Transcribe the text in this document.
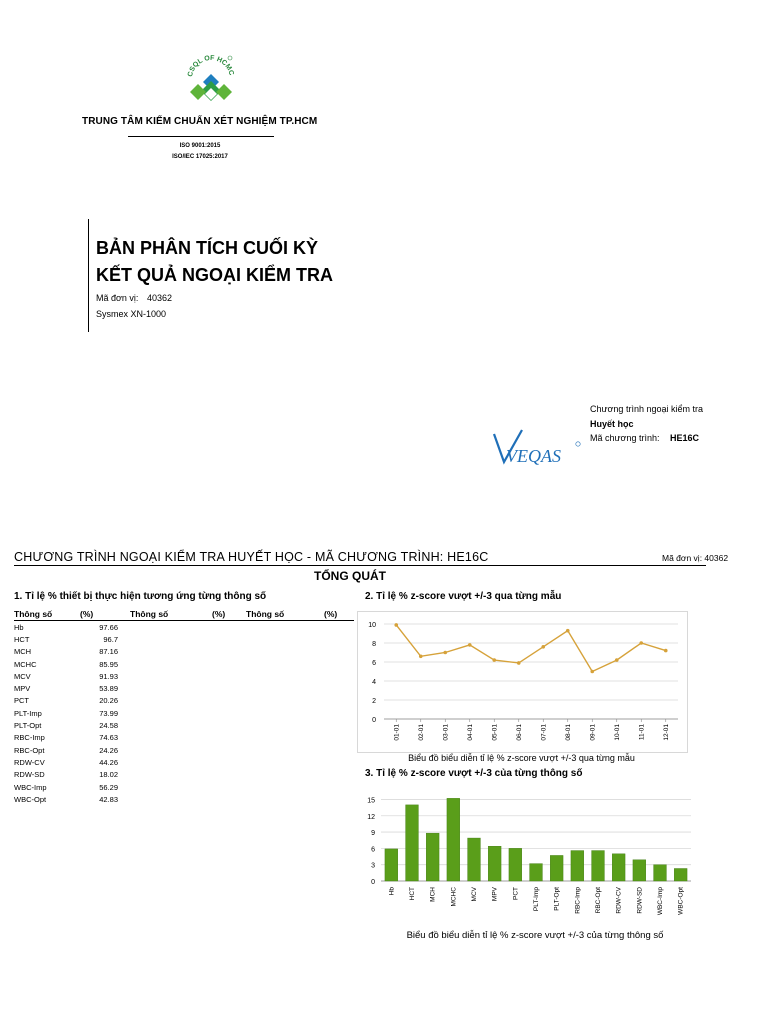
CSQL OF HCMC
TRUNG TÂM KIỂM CHUẨN XÉT NGHIỆM TP.HCM
ISO 9001:2015
ISO/IEC 17025:2017
BẢN PHÂN TÍCH CUỐI KỲ
KẾT QUẢ NGOẠI KIỂM TRA
Mã đơn vị: 40362
Sysmex XN-1000
Chương trình ngoại kiểm tra
Huyết học
Mã chương trình: HE16C
VEQAS
CHƯƠNG TRÌNH NGOẠI KIỂM TRA HUYẾT HỌC - MÃ CHƯƠNG TRÌNH: HE16C	Mã đơn vị: 40362
TỔNG QUÁT
1. Tỉ lệ % thiết bị thực hiện tương ứng từng thông số
Thông số	(%)	Thông số	(%)	Thông số	(%)
Hb	97.66				
HCT	96.7				
MCH	87.16				
MCHC	85.95				
MCV	91.93				
MPV	53.89				
PCT	20.26				
PLT-Imp	73.99				
PLT-Opt	24.58				
RBC-Imp	74.63				
RBC-Opt	24.26				
RDW-CV	44.26				
RDW-SD	18.02				
WBC-Imp	56.29				
WBC-Opt	42.83				
2. Tỉ lệ % z-score vượt +/-3 qua từng mẫu
0
2
4
6
8
10
01-01	02-01	03-01	04-01	05-01	06-01	07-01	08-01	09-01	10-01	11-01	12-01
Biểu đồ biểu diễn tỉ lệ % z-score vượt +/-3 qua từng mẫu
3. Tỉ lệ % z-score vượt +/-3 của từng thông số
0
3
6
9
12
15
Hb HCT MCH MCHC MCV MPV PCT PLT-Imp PLT-Opt RBC-Imp RBC-Opt RDW-CV RDW-SD WBC-Imp WBC-Opt
Biểu đồ biểu diễn tỉ lệ % z-score vượt +/-3 của từng thông số
